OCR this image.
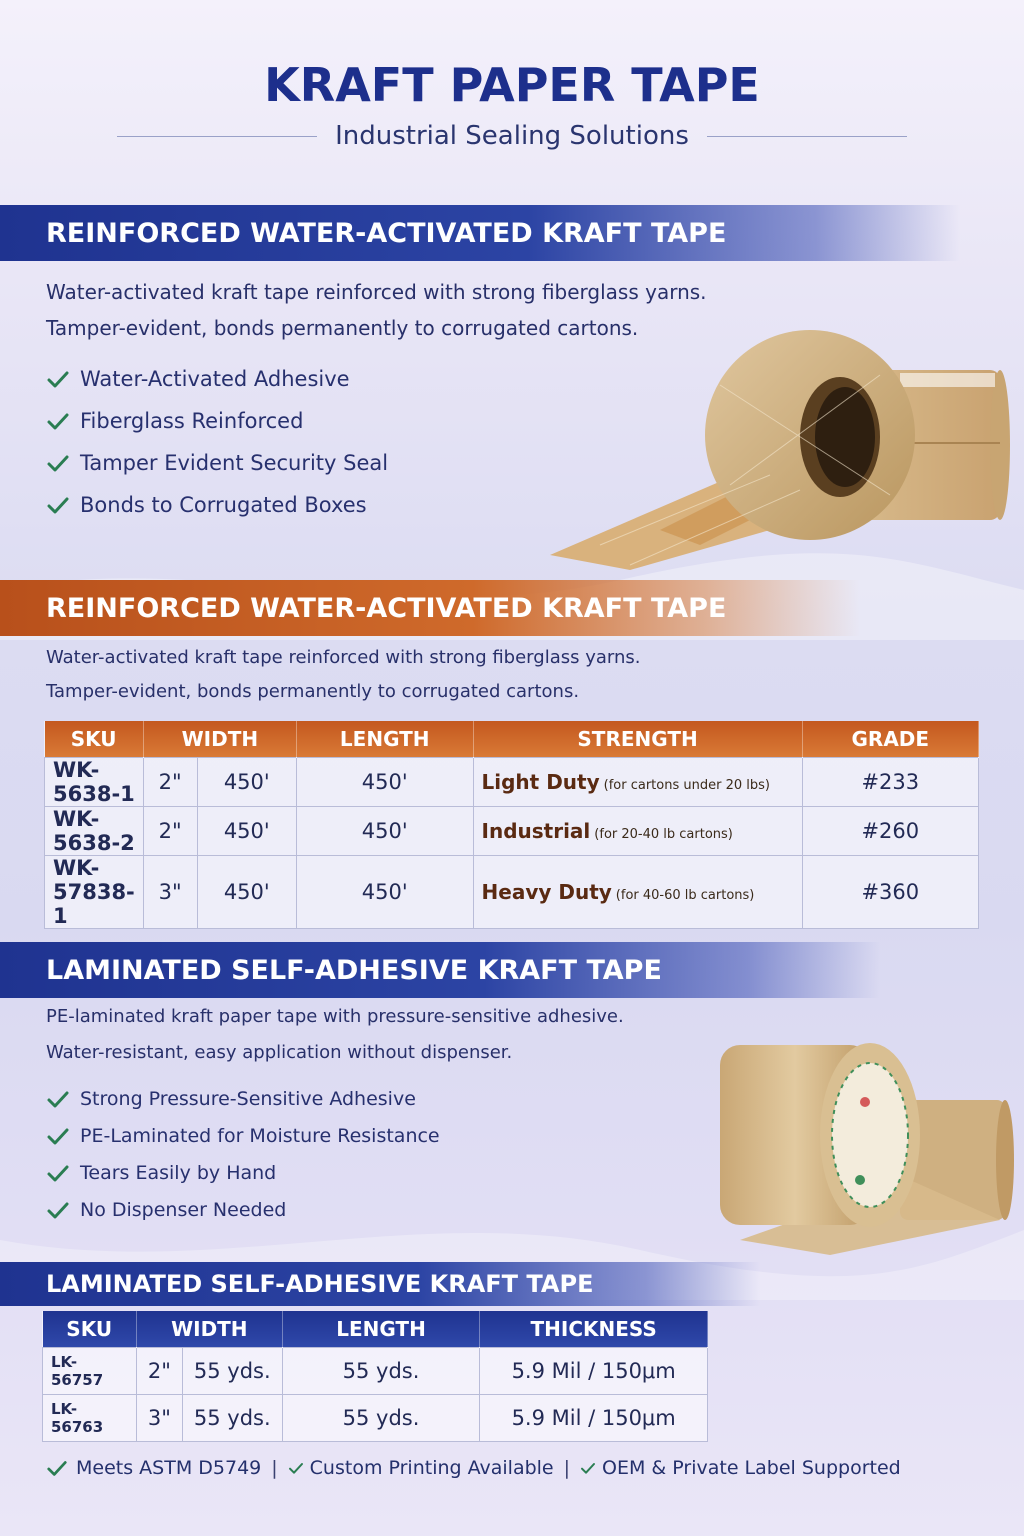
KRAFT PAPER TAPE
Industrial Sealing Solutions
REINFORCED WATER-ACTIVATED KRAFT TAPE
Water-activated kraft tape reinforced with strong fiberglass yarns.
Tamper-evident, bonds permanently to corrugated cartons.
Water-Activated Adhesive
Fiberglass Reinforced
Tamper Evident Security Seal
Bonds to Corrugated Boxes
REINFORCED WATER-ACTIVATED KRAFT TAPE
Water-activated kraft tape reinforced with strong fiberglass yarns.
Tamper-evident, bonds permanently to corrugated cartons.
SKU	WIDTH		LENGTH	STRENGTH	GRADE
WK-5638-1	2"	450'	450'	Light Duty (for cartons under 20 lbs)	#233
WK-5638-2	2"	450'	450'	Industrial (for 20-40 lb cartons)	#260
WK-57838-1	3"	450'	450'	Heavy Duty (for 40-60 lb cartons)	#360
LAMINATED SELF-ADHESIVE KRAFT TAPE
PE-laminated kraft paper tape with pressure-sensitive adhesive.
Water-resistant, easy application without dispenser.
Strong Pressure-Sensitive Adhesive
PE-Laminated for Moisture Resistance
Tears Easily by Hand
No Dispenser Needed
LAMINATED SELF-ADHESIVE KRAFT TAPE
SKU	WIDTH		LENGTH	THICKNESS
LK-56757	2"	55 yds.	55 yds.	5.9 Mil / 150μm
LK-56763	3"	55 yds.	55 yds.	5.9 Mil / 150μm
Meets ASTM D5749 | Custom Printing Available | OEM & Private Label Supported
